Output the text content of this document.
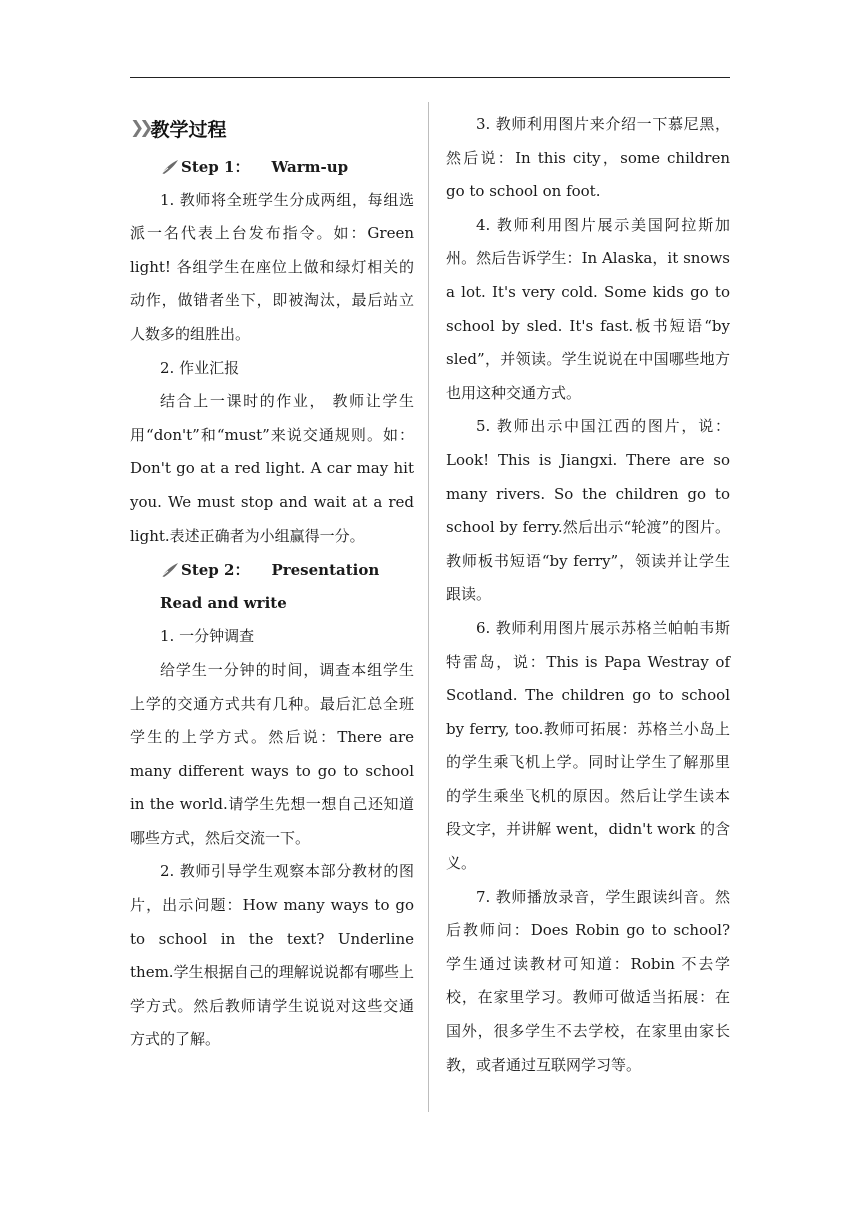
❯❯ 教学过程
Step 1： Warm-up

1. 教师将全班学生分成两组，每组选派一名代表上台发布指令。如：Green light! 各组学生在座位上做和绿灯相关的动作，做错者坐下，即被淘汰，最后站立人数多的组胜出。

2. 作业汇报

结合上一课时的作业， 教师让学生用“don't”和“must”来说交通规则。如：Don't go at a red light. A car may hit you. We must stop and wait at a red light.表述正确者为小组赢得一分。

Step 2： Presentation

Read and write

1. 一分钟调查

给学生一分钟的时间，调查本组学生上学的交通方式共有几种。最后汇总全班学生的上学方式。然后说：There are many different ways to go to school in the world.请学生先想一想自己还知道哪些方式，然后交流一下。

2. 教师引导学生观察本部分教材的图片，出示问题：How many ways to go to school in the text? Underline them.学生根据自己的理解说说都有哪些上学方式。然后教师请学生说说对这些交通方式的了解。

3. 教师利用图片来介绍一下慕尼黑，然后说：In this city，some children go to school on foot.

4. 教师利用图片展示美国阿拉斯加州。然后告诉学生：In Alaska，it snows a lot. It's very cold. Some kids go to school by sled. It's fast.板书短语“by sled”，并领读。学生说说在中国哪些地方也用这种交通方式。

5. 教师出示中国江西的图片，说：Look! This is Jiangxi. There are so many rivers. So the children go to school by ferry.然后出示“轮渡”的图片。教师板书短语“by ferry”，领读并让学生跟读。

6. 教师利用图片展示苏格兰帕帕韦斯特雷岛，说：This is Papa Westray of Scotland. The children go to school by ferry, too.教师可拓展：苏格兰小岛上的学生乘飞机上学。同时让学生了解那里的学生乘坐飞机的原因。然后让学生读本段文字，并讲解 went，didn't work 的含义。

7. 教师播放录音，学生跟读纠音。然后教师问：Does Robin go to school? 学生通过读教材可知道：Robin 不去学校，在家里学习。教师可做适当拓展：在国外，很多学生不去学校，在家里由家长教，或者通过互联网学习等。
